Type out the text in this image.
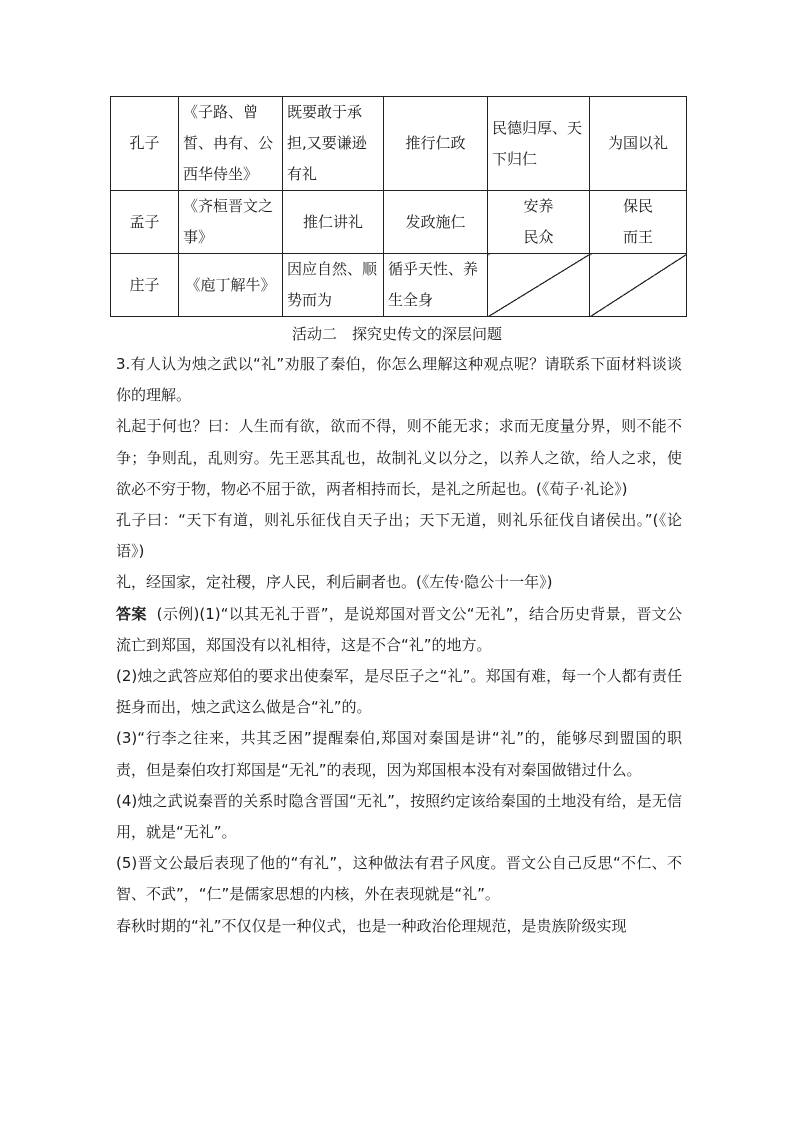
孔子	《子路、曾皙、冉有、公西华侍坐》	既要敢于承担,又要谦逊有礼	推行仁政	民德归厚、天下归仁	为国以礼
孟子	《齐桓晋文之事》	推仁讲礼	发政施仁	安养民众	保民而王
庄子	《庖丁解牛》	因应自然、顺势而为	循乎天性、养生全身		
活动二　探究史传文的深层问题

3.有人认为烛之武以“礼”劝服了秦伯，你怎么理解这种观点呢？请联系下面材料谈谈你的理解。

礼起于何也？曰：人生而有欲，欲而不得，则不能无求；求而无度量分界，则不能不争；争则乱，乱则穷。先王恶其乱也，故制礼义以分之，以养人之欲，给人之求，使欲必不穷于物，物必不屈于欲，两者相持而长，是礼之所起也。(《荀子·礼论》)

孔子曰：“天下有道，则礼乐征伐自天子出；天下无道，则礼乐征伐自诸侯出。”(《论语》)

礼，经国家，定社稷，序人民，利后嗣者也。(《左传·隐公十一年》)

答案 (示例)(1)“以其无礼于晋”，是说郑国对晋文公“无礼”，结合历史背景，晋文公流亡到郑国，郑国没有以礼相待，这是不合“礼”的地方。

(2)烛之武答应郑伯的要求出使秦军，是尽臣子之“礼”。郑国有难，每一个人都有责任挺身而出，烛之武这么做是合“礼”的。

(3)“行李之往来，共其乏困”提醒秦伯,郑国对秦国是讲“礼”的，能够尽到盟国的职责，但是秦伯攻打郑国是“无礼”的表现，因为郑国根本没有对秦国做错过什么。

(4)烛之武说秦晋的关系时隐含晋国“无礼”，按照约定该给秦国的土地没有给，是无信用，就是“无礼”。

(5)晋文公最后表现了他的“有礼”，这种做法有君子风度。晋文公自己反思“不仁、不智、不武”，“仁”是儒家思想的内核，外在表现就是“礼”。

春秋时期的“礼”不仅仅是一种仪式，也是一种政治伦理规范，是贵族阶级实现
